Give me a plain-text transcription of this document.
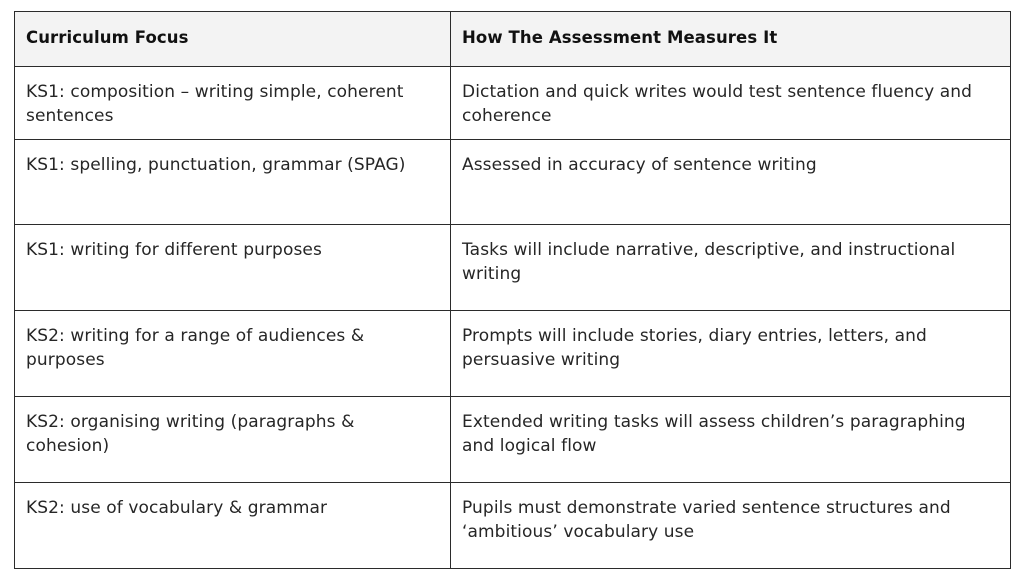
Curriculum Focus	How The Assessment Measures It
KS1: composition – writing simple, coherent sentences	Dictation and quick writes would test sentence fluency and coherence
KS1: spelling, punctuation, grammar (SPAG)	Assessed in accuracy of sentence writing
KS1: writing for different purposes	Tasks will include narrative, descriptive, and instructional writing
KS2: writing for a range of audiences & purposes	Prompts will include stories, diary entries, letters, and persuasive writing
KS2: organising writing (paragraphs & cohesion)	Extended writing tasks will assess children’s paragraphing and logical flow
KS2: use of vocabulary & grammar	Pupils must demonstrate varied sentence structures and ‘ambitious’ vocabulary use
